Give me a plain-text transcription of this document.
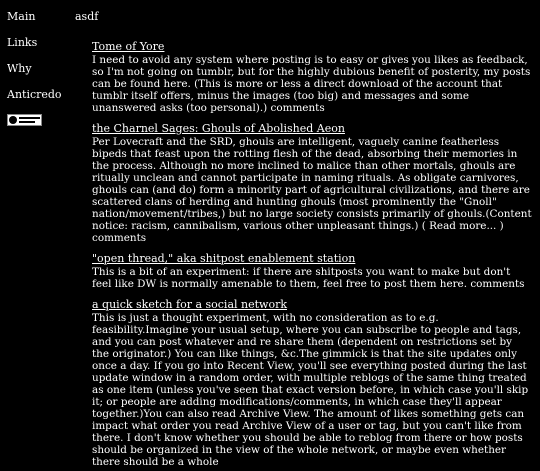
Main
Links
Why
Anticredo
asdf
Tome of Yore

I need to avoid any system where posting is to easy or gives you likes as feedback, so I'm not going on tumblr, but for the highly dubious benefit of posterity, my posts can be found here. (This is more or less a direct download of the account that tumblr itself offers, minus the images (too big) and messages and some unanswered asks (too personal).) comments

the Charnel Sages: Ghouls of Abolished Aeon

Per Lovecraft and the SRD, ghouls are intelligent, vaguely canine featherless bipeds that feast upon the rotting flesh of the dead, absorbing their memories in the process. Although no more inclined to malice than other mortals, ghouls are ritually unclean and cannot participate in naming rituals. As obligate carnivores, ghouls can (and do) form a minority part of agricultural civilizations, and there are scattered clans of herding and hunting ghouls (most prominently the "Gnoll" nation/movement/tribes,) but no large society consists primarily of ghouls.(Content notice: racism, cannibalism, various other unpleasant things.) ( Read more... ) comments

"open thread," aka shitpost enablement station

This is a bit of an experiment: if there are shitposts you want to make but don't feel like DW is normally amenable to them, feel free to post them here. comments

a quick sketch for a social network

This is just a thought experiment, with no consideration as to e.g. feasibility.Imagine your usual setup, where you can subscribe to people and tags, and you can post whatever and re share them (dependent on restrictions set by the originator.) You can like things, &c.The gimmick is that the site updates only once a day. If you go into Recent View, you'll see everything posted during the last update window in a random order, with multiple reblogs of the same thing treated as one item (unless you've seen that exact version before, in which case you'll skip it; or people are adding modifications/comments, in which case they'll appear together.)You can also read Archive View. The amount of likes something gets can impact what order you read Archive View of a user or tag, but you can't like from there. I don't know whether you should be able to reblog from there or how posts should be organized in the view of the whole network, or maybe even whether there should be a whole
